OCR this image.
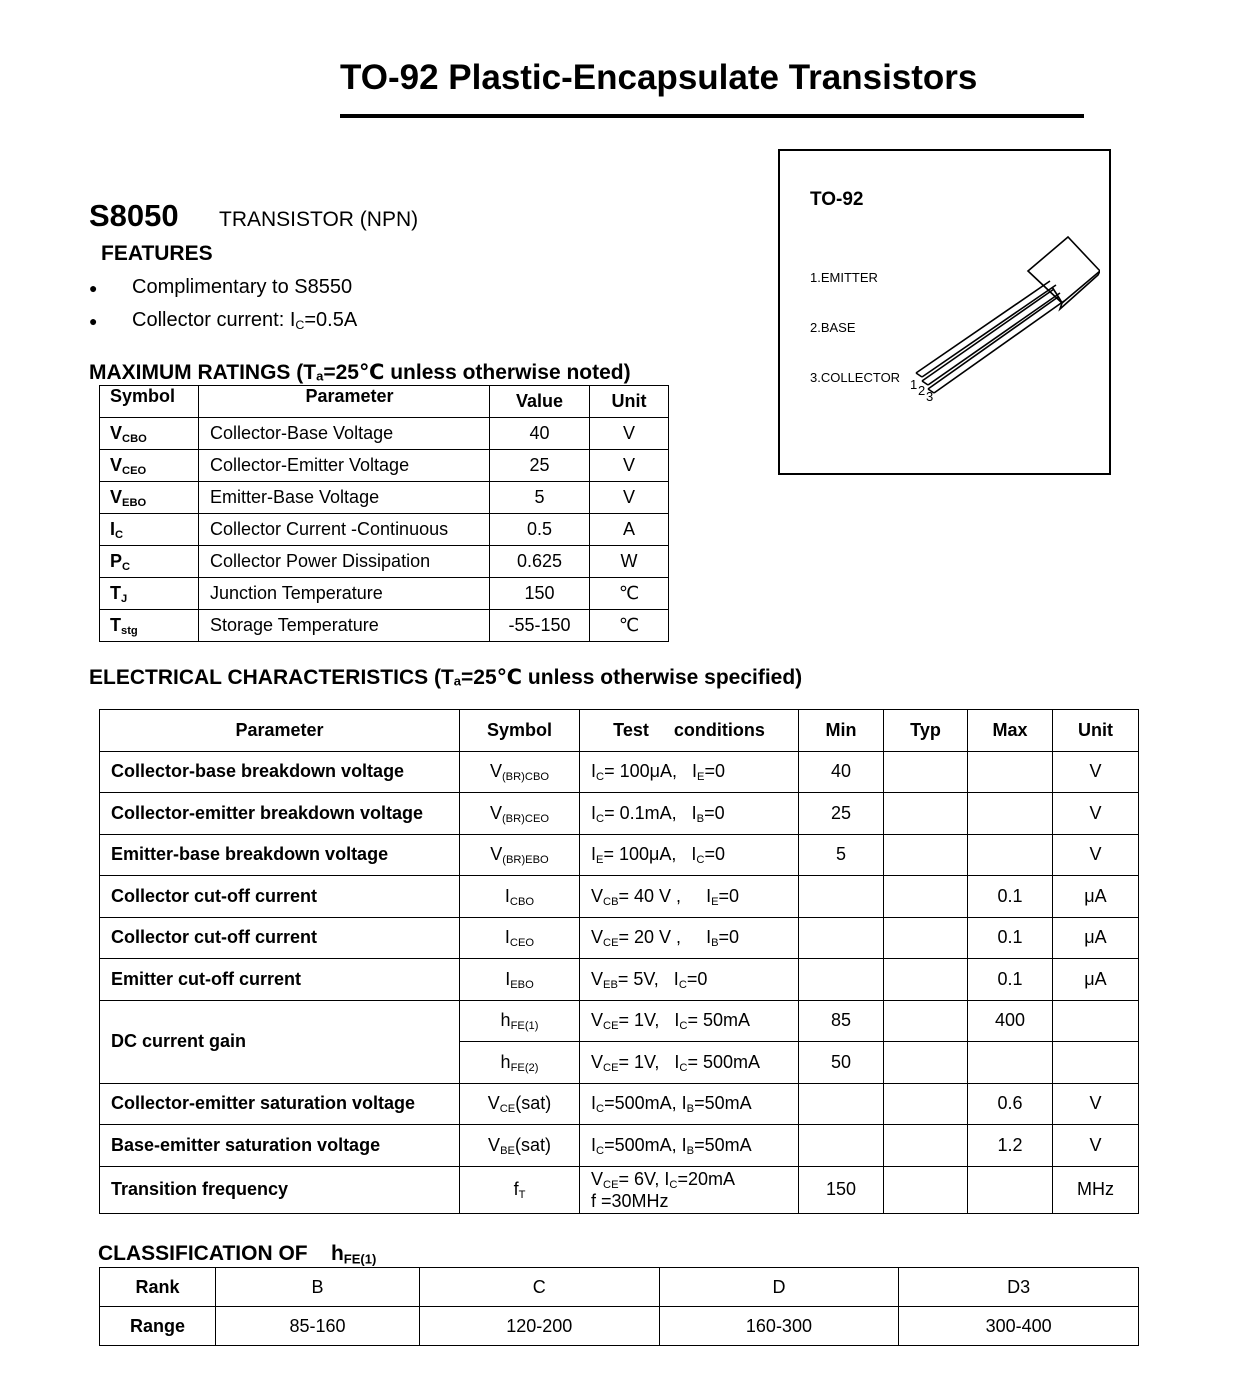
TO-92 Plastic-Encapsulate Transistors
S8050 TRANSISTOR (NPN)
FEATURES
● Complimentary to S8550
● Collector current: $I_C=0.5A$
MAXIMUM RATINGS (Ta=25℃ unless otherwise noted)
Symbol	Parameter	Value	Unit
$V_{CBO}$	Collector-Base Voltage	40	V
$V_{CEO}$	Collector-Emitter Voltage	25	V
$V_{EBO}$	Emitter-Base Voltage	5	V
$I_C$	Collector Current -Continuous	0.5	A
$P_C$	Collector Power Dissipation	0.625	W
$T_J$	Junction Temperature	150	℃
$T_{stg}$	Storage Temperature	-55-150	℃
ELECTRICAL CHARACTERISTICS (Ta=25℃ unless otherwise specified)
Parameter	Symbol	Test     conditions	Min	Typ	Max	Unit
Collector-base breakdown voltage	$V_{(BR)CBO}$	$I_C= 100\mu A$,   $I_E=0$	40			V
Collector-emitter breakdown voltage	$V_{(BR)CEO}$	$I_C= 0.1mA$,   $I_B=0$	25			V
Emitter-base breakdown voltage	$V_{(BR)EBO}$	$I_E= 100\mu A$,   $I_C=0$	5			V
Collector cut-off current	$I_{CBO}$	$V_{CB}= 40$ V ,     $I_E=0$			0.1	μA
Collector cut-off current	$I_{CEO}$	$V_{CE}= 20$ V ,     $I_B=0$			0.1	μA
Emitter cut-off current	$I_{EBO}$	$V_{EB}= 5V$,   $I_C=0$			0.1	μA
DC current gain	$h_{FE(1)}$	$V_{CE}= 1V$,   $I_C= 50mA$	85		400	
	$h_{FE(2)}$	$V_{CE}= 1V$,   $I_C= 500mA$	50			
Collector-emitter saturation voltage	$V_{CE}(sat)$	$I_C=500mA$, $I_B=50mA$			0.6	V
Base-emitter saturation voltage	$V_{BE}(sat)$	$I_C=500mA$, $I_B=50mA$			1.2	V
Transition frequency	$f_T$	$V_{CE}= 6V$, $I_C=20mA$
f =30MHz	150			MHz
CLASSIFICATION OF    $h_{FE(1)}$
Rank	B	C	D	D3
Range	85-160	120-200	160-300	300-400
TO-92
1.EMITTER
2.BASE
3.COLLECTOR 1 2 3
